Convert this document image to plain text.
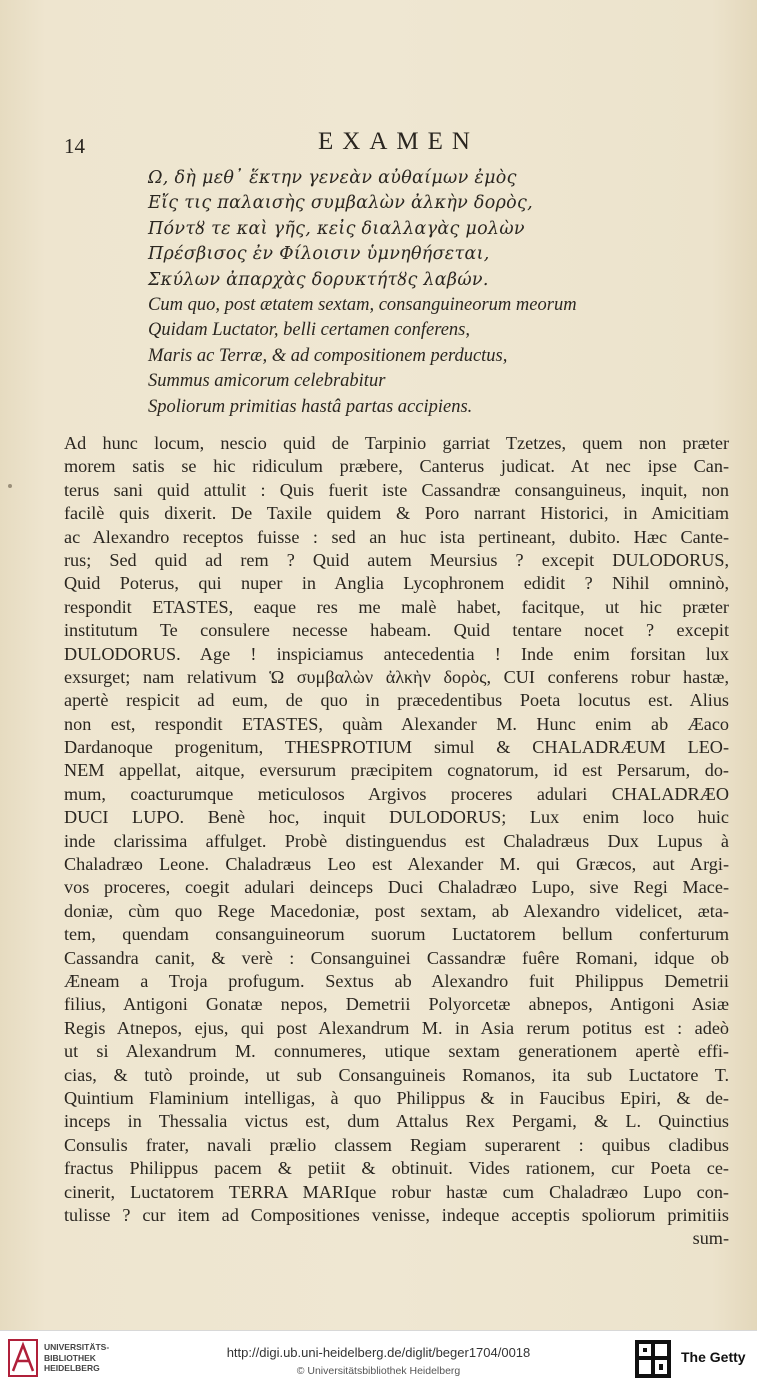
14	EXAMEN
Ω, δὴ μεθ᾽ ἕκτην γενεὰν αὐθαίμων ἐμὸς
Εἴς τις παλαισὴς συμβαλὼν ἀλκὴν δορὸς,
Πόντȣ τε καὶ γῆς, κεἰς διαλλαγὰς μολὼν
Πρέσβισος ἐν Φίλοισιν ὑμνηθήσεται,
Σκύλων ἀπαρχὰς δορυκτήτȣς λαβών.
Cum quo, post ætatem sextam, consanguineorum meorum
Quidam Luctator, belli certamen conferens,
Maris ac Terræ, & ad compositionem perductus,
Summus amicorum celebrabitur
Spoliorum primitias hastâ partas accipiens.
Ad hunc locum, nescio quid de Tarpinio garriat Tzetzes, quem non præter
morem satis se hic ridiculum præbere, Canterus judicat. At nec ipse Can-
terus sani quid attulit : Quis fuerit iste Cassandræ consanguineus, inquit, non
facilè quis dixerit. De Taxile quidem & Poro narrant Historici, in Amicitiam
ac Alexandro receptos fuisse : sed an huc ista pertineant, dubito. Hæc Cante-
rus; Sed quid ad rem ? Quid autem Meursius ? excepit DULODORUS,
Quid Poterus, qui nuper in Anglia Lycophronem edidit ? Nihil omninò,
respondit ETASTES, eaque res me malè habet, facitque, ut hic præter
institutum Te consulere necesse habeam. Quid tentare nocet ? excepit
DULODORUS. Age ! inspiciamus antecedentia ! Inde enim forsitan lux
exsurget; nam relativum Ὡ συμβαλὼν ἀλκὴν δορὸς, CUI conferens robur hastæ,
apertè respicit ad eum, de quo in præcedentibus Poeta locutus est. Alius
non est, respondit ETASTES, quàm Alexander M. Hunc enim ab Æaco
Dardanoque progenitum, THESPROTIUM simul & CHALADRÆUM LEO-
NEM appellat, aitque, eversurum præcipitem cognatorum, id est Persarum, do-
mum, coacturumque meticulosos Argivos proceres adulari CHALADRÆO
DUCI LUPO. Benè hoc, inquit DULODORUS; Lux enim loco huic
inde clarissima affulget. Probè distinguendus est Chaladræus Dux Lupus à
Chaladræo Leone. Chaladræus Leo est Alexander M. qui Græcos, aut Argi-
vos proceres, coegit adulari deinceps Duci Chaladræo Lupo, sive Regi Mace-
doniæ, cùm quo Rege Macedoniæ, post sextam, ab Alexandro videlicet, æta-
tem, quendam consanguineorum suorum Luctatorem bellum conferturum
Cassandra canit, & verè : Consanguinei Cassandræ fuêre Romani, idque ob
Æneam a Troja profugum. Sextus ab Alexandro fuit Philippus Demetrii
filius, Antigoni Gonatæ nepos, Demetrii Polyorcetæ abnepos, Antigoni Asiæ
Regis Atnepos, ejus, qui post Alexandrum M. in Asia rerum potitus est : adeò
ut si Alexandrum M. connumeres, utique sextam generationem apertè effi-
cias, & tutò proinde, ut sub Consanguineis Romanos, ita sub Luctatore T.
Quintium Flaminium intelligas, à quo Philippus & in Faucibus Epiri, & de-
inceps in Thessalia victus est, dum Attalus Rex Pergami, & L. Quinctius
Consulis frater, navali prælio classem Regiam superarent : quibus cladibus
fractus Philippus pacem & petiit & obtinuit. Vides rationem, cur Poeta ce-
cinerit, Luctatorem TERRA MARIque robur hastæ cum Chaladræo Lupo con-
tulisse ? cur item ad Compositiones venisse, indeque acceptis spoliorum primitiis
sum-
UNIVERSITÄTS-
BIBLIOTHEK
HEIDELBERG
http://digi.ub.uni-heidelberg.de/diglit/beger1704/0018
© Universitätsbibliothek Heidelberg
The Getty
